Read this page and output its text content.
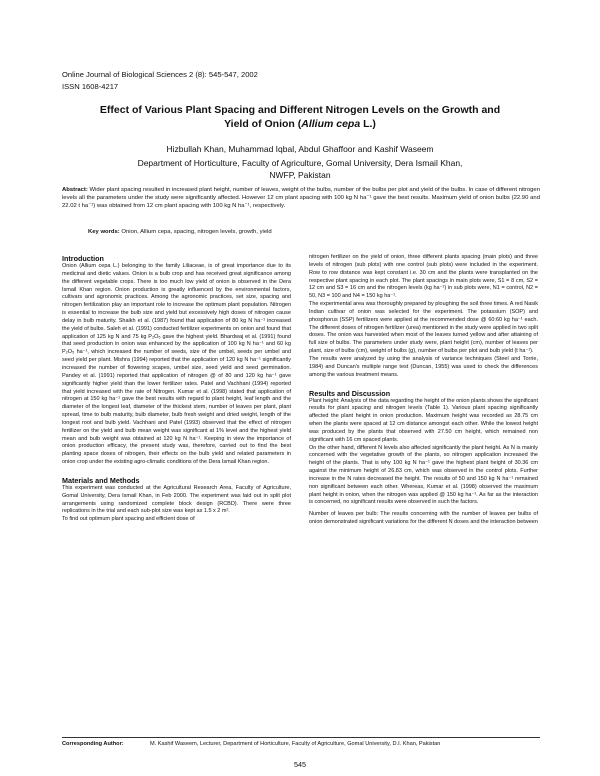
Online Journal of Biological Sciences 2 (8): 545-547, 2002
ISSN 1608-4217
Effect of Various Plant Spacing and Different Nitrogen Levels on the Growth and
Yield of Onion (Allium cepa L.)
Hizbullah Khan, Muhammad Iqbal, Abdul Ghaffoor and Kashif Waseem
Department of Horticulture, Faculty of Agriculture, Gomal University, Dera Ismail Khan,
NWFP, Pakistan
Abstract: Wider plant spacing resulted in increased plant height, number of leaves, weight of the bulbs, number of the bulbs per plot and yield of the bulbs. In case of different nitrogen levels all the parameters under the study were significantly affected. However 12 cm plant spacing with 100 kg N ha⁻¹ gave the best results. Maximum yield of onion bulbs (22.90 and 22.02 t ha⁻¹) was obtained from 12 cm plant spacing with 100 kg N ha⁻¹, respectively.
Key words: Onion, Allium cepa, spacing, nitrogen levels, growth, yield
Introduction

Onion (Allium cepa L.) belonging to the family Liliaceae, is of great importance due to its medicinal and dietic values. Onion is a bulb crop and has received great significance among the different vegetable crops. There is too much low yield of onion is observed in the Dera Ismail Khan region. Onion production is greatly influenced by the environmental factors, cultivars and agronomic practices. Among the agronomic practices, set size, spacing and nitrogen fertilization play an important role to increase the optimum plant population. Nitrogen is essential to increase the bulb size and yield but excessively high doses of nitrogen cause delay in bulb maturity. Shaikh et al. (1987) found that application of 80 kg N ha⁻¹ increased the yield of bulbs. Saleh et al. (1991) conducted fertilizer experiments on onion and found that application of 125 kg N and 75 kg P₂O₅ gave the highest yield. Bhardwaj et al. (1991) found that seed production in onion was enhanced by the application of 100 kg N ha⁻¹ and 60 kg P₂O₅ ha⁻¹, which increased the number of seeds, size of the umbel, seeds per umbel and seed yield per plant. Mishra (1994) reported that the application of 120 kg N ha⁻¹ significantly increased the number of flowering scapes, umbel size, seed yield and seed germination. Pandey et al. (1991) reported that application of nitrogen @ of 80 and 120 kg ha⁻¹ gave significantly higher yield than the lower fertilizer rates. Patel and Vachhani (1994) reported that yield increased with the rate of Nitrogen. Kumar et al. (1998) stated that application of nitrogen at 150 kg ha⁻¹ gave the best results with regard to plant height, leaf length and the diameter of the longest leaf, diameter of the thickest stem, number of leaves per plant, plant spread, time to bulb maturity, bulb diameter, bulb fresh weight and dried weight, length of the longest root and bulb yield. Vachhani and Patel (1993) observed that the effect of nitrogen fertilizer on the yield and bulb mean weight was significant at 1% level and the highest yield mean and bulb weight was obtained at 120 kg N ha⁻¹. Keeping in view the importance of onion production efficacy, the present study was, therefore, carried out to find the best planting space doses of nitrogen, their effects on the bulb yield and related parameters in onion crop under the existing agro-climatic conditions of the Dera Ismail Khan region.

Materials and Methods

This experiment was conducted at the Agricultural Research Area, Faculty of Agriculture, Gomal University, Dera Ismail Khan, in Feb 2000. The experiment was laid out in split plot arrangements using randomized complete block design (RCBD). There were three replications in the trial and each sub-plot size was kept as 1.5 x 2 m².

To find out optimum plant spacing and efficient dose of

nitrogen fertilizer on the yield of onion, three different plants spacing (main plots) and three levels of nitrogen (sub plots) with one control (sub plots) were included in the experiment. Row to row distance was kept constant i.e. 30 cm and the plants were transplanted on the respective plant spacing in each plot. The plant spacings in main plots were, S1 = 8 cm, S2 = 12 cm and S3 = 16 cm and the nitrogen levels (kg ha⁻¹) in sub plots were, N1 = control, N2 = 50, N3 = 100 and N4 = 150 kg ha⁻¹.

The experimental area was thoroughly prepared by ploughing the soil three times. A red Nasik Indian cultivar of onion was selected for the experiment. The potassium (SOP) and phosphorus (SSP) fertilizers were applied at the recommended dose @ 60:60 kg ha⁻¹ each. The different doses of nitrogen fertilizer (urea) mentioned in the study were applied in two split doses. The onion was harvested when most of the leaves turned yellow and after attaining of full size of bulbs. The parameters under study were, plant height (cm), number of leaves per plant, size of bulbs (cm), weight of bulbs (g), number of bulbs per plot and bulb yield (t ha⁻¹).

The results were analyzed by using the analysis of variance techniques (Steel and Torrie, 1984) and Duncan's multiple range test (Duncan, 1955) was used to check the differences among the various treatment means.

Results and Discussion

Plant height: Analysis of the data regarding the height of the onion plants shows the significant results for plant spacing and nitrogen levels (Table 1). Various plant spacing significantly affected the plant height in onion production. Maximum height was recorded as 28.75 cm when the plants were spaced at 12 cm distance amongst each other. While the lowest height was produced by the plants that observed with 27.50 cm height, which remained non significant with 16 cm spaced plants.

On the other hand, different N levels also affected significantly the plant height. As N is mainly concerned with the vegetative growth of the plants, so nitrogen application increased the height of the plants. That is why 100 kg N ha⁻¹ gave the highest plant height of 30.36 cm against the minimum height of 26.83 cm, which was observed in the control plots. Further increase in the N rates decreased the height. The results of 50 and 150 kg N ha⁻¹ remained non significant between each other. Whereas, Kumar et al. (1998) observed the maximum plant height in onion, when the nitrogen was applied @ 150 kg ha⁻¹. As far as the interaction is concerned, no significant results were observed in such the factors.

Number of leaves per bulb: The results concerning with the number of leaves per bulbs of onion demonstrated significant variations for the different N doses and the interaction between

Corresponding Author:	M. Kashif Waseem, Lecturer, Department of Horticulture, Faculty of Agriculture, Gomal University, D.I. Khan, Pakistan
545
